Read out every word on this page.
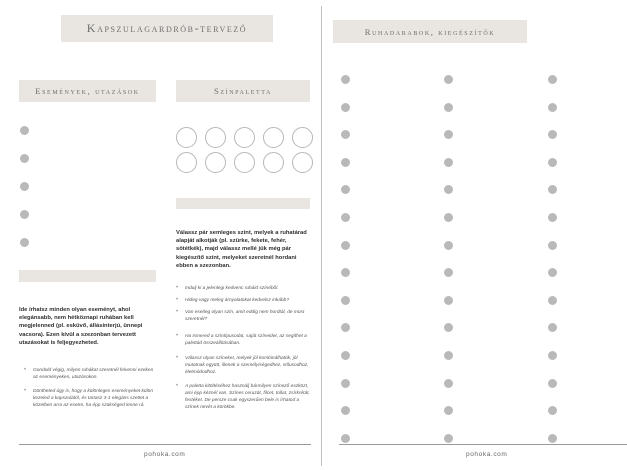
Kapszulagardrób-tervező
Események, utazások	Színpaletta
Válassz pár semleges színt, melyek a ruhatárad alapját alkotják (pl. szürke, fekete, fehér, sötétkék), majd válassz mellé jük még pár kiegészítő színt, melyeket szeretnél hordani ebben a szezonban.
Ide írhatsz minden olyan eseményt, ahol elegánsabb, nem hétköznapi ruhában kell megjelenned (pl. esküvő, állásinterjú, ünnepi vacsora). Ezen kívül a szezonban tervezett utazásokat is feljegyezheted.
• Gondold végig, milyen ruhákat szeretnél felvenni ezeken az eseményeken, utazásokon.
• Döntheted úgy is, hogy a különleges eseményeket külön kezeled a kapszulától, és tartasz 3-1 elegáns szettet a közelben arra az esetre, ha épp szükséged lenne rá.
• Indulj ki a jelenlegi kedvenc ruháid színéből.
• Hideg vagy meleg árnyalatokat kedvelsz inkább?
• Van esetleg olyan szín, amit eddig nem hordtál, de most szeretnél?
• Ha ismered a színtípusodat, saját színeidet, az segíthet a palettád összeállításában.
• Válassz olyan színeket, melyek jól kombinálhatók, jól mutatnak együtt, illenek a személyiségedhez, stílusodhoz, életmódodhoz.
• A paletta kitöltéséhez használj bármilyen színező eszközt, ami épp kéznél van. Színes ceruzát, filcet, tollat, zsírkrétát, festéket. De persze csak egyszerűen bele is írhatod a színek nevét a körökbe.
pohoka.com
Ruhadarabok, kiegészítők
pohoka.com
